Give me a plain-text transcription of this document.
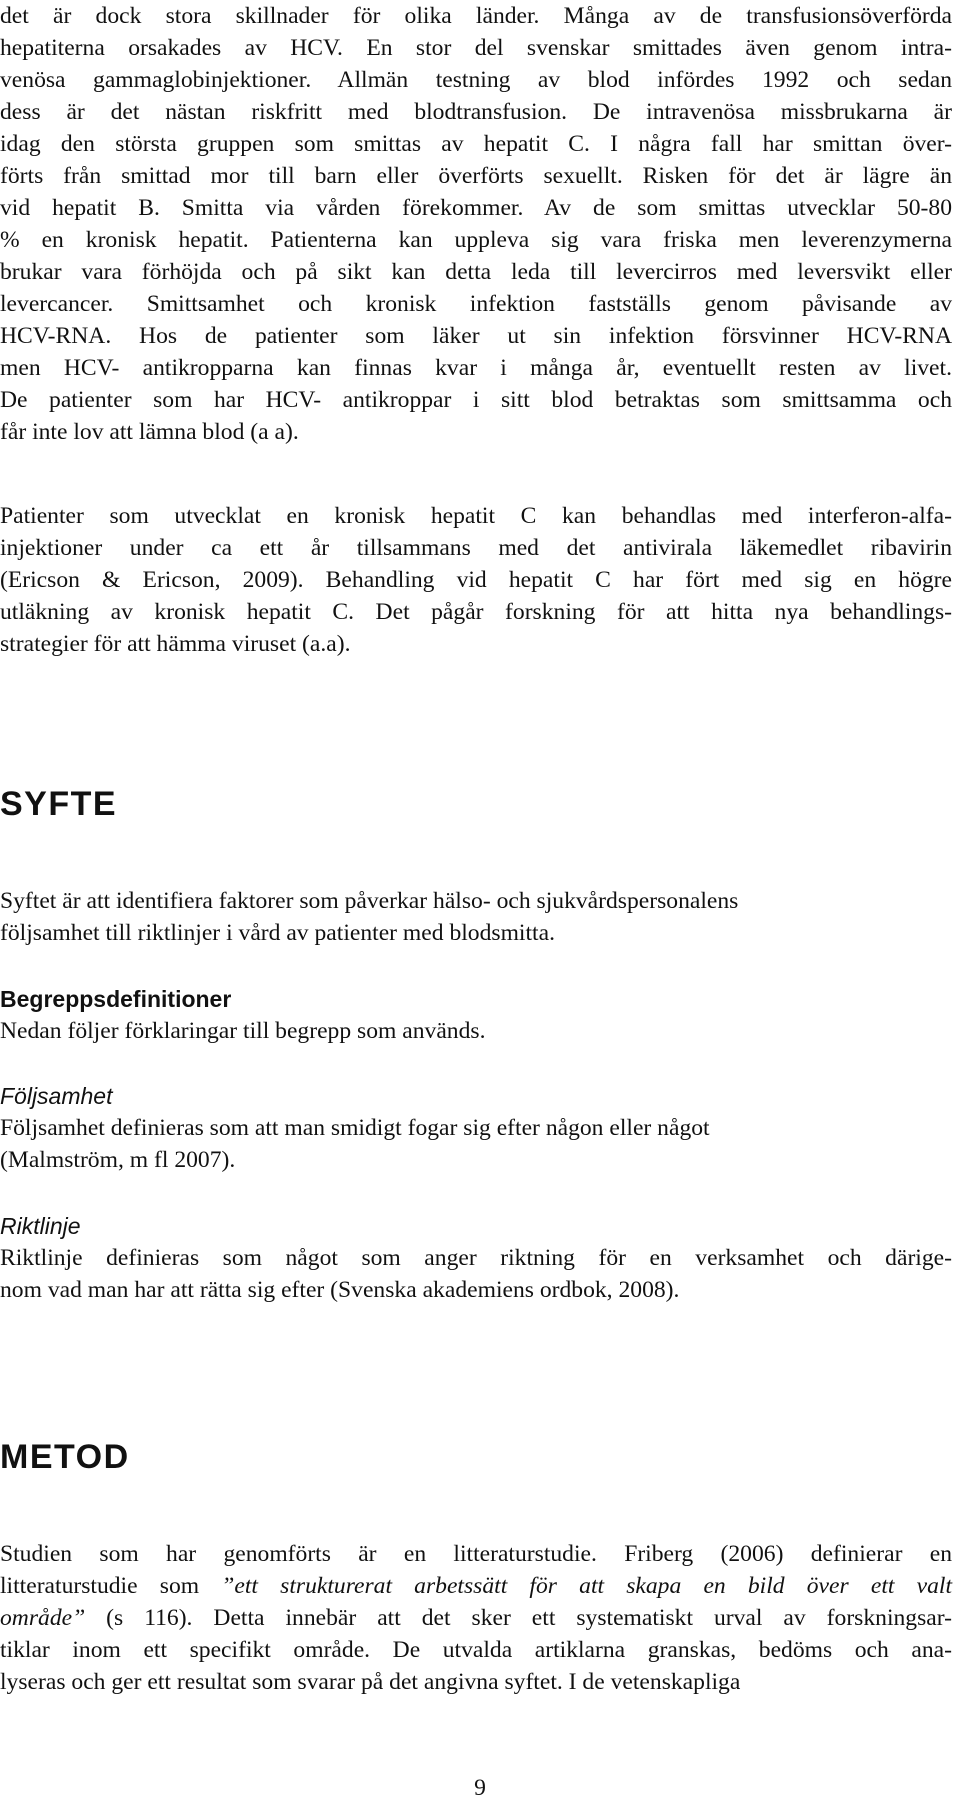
det är dock stora skillnader för olika länder. Många av de transfusionsöverförda
hepatiterna orsakades av HCV. En stor del svenskar smittades även genom intra-
venösa gammaglobinjektioner. Allmän testning av blod infördes 1992 och sedan
dess är det nästan riskfritt med blodtransfusion. De intravenösa missbrukarna är
idag den största gruppen som smittas av hepatit C. I några fall har smittan över-
förts från smittad mor till barn eller överförts sexuellt. Risken för det är lägre än
vid hepatit B. Smitta via vården förekommer. Av de som smittas utvecklar 50-80
% en kronisk hepatit. Patienterna kan uppleva sig vara friska men leverenzymerna
brukar vara förhöjda och på sikt kan detta leda till levercirros med leversvikt eller
levercancer. Smittsamhet och kronisk infektion fastställs genom påvisande av
HCV-RNA. Hos de patienter som läker ut sin infektion försvinner HCV-RNA
men HCV- antikropparna kan finnas kvar i många år, eventuellt resten av livet.
De patienter som har HCV- antikroppar i sitt blod betraktas som smittsamma och
får inte lov att lämna blod (a a).
Patienter som utvecklat en kronisk hepatit C kan behandlas med interferon-alfa-
injektioner under ca ett år tillsammans med det antivirala läkemedlet ribavirin
(Ericson & Ericson, 2009). Behandling vid hepatit C har fört med sig en högre
utläkning av kronisk hepatit C. Det pågår forskning för att hitta nya behandlings-
strategier för att hämma viruset (a.a).
SYFTE
Syftet är att identifiera faktorer som påverkar hälso- och sjukvårdspersonalens
följsamhet till riktlinjer i vård av patienter med blodsmitta.
Begreppsdefinitioner
Nedan följer förklaringar till begrepp som används.
Följsamhet
Följsamhet definieras som att man smidigt fogar sig efter någon eller något
(Malmström, m fl 2007).
Riktlinje
Riktlinje definieras som något som anger riktning för en verksamhet och därige-
nom vad man har att rätta sig efter (Svenska akademiens ordbok, 2008).
METOD
Studien som har genomförts är en litteraturstudie. Friberg (2006) definierar en
litteraturstudie som ”ett strukturerat arbetssätt för att skapa en bild över ett valt
område” (s 116). Detta innebär att det sker ett systematiskt urval av forskningsar-
tiklar inom ett specifikt område. De utvalda artiklarna granskas, bedöms och ana-
lyseras och ger ett resultat som svarar på det angivna syftet. I de vetenskapliga
9
